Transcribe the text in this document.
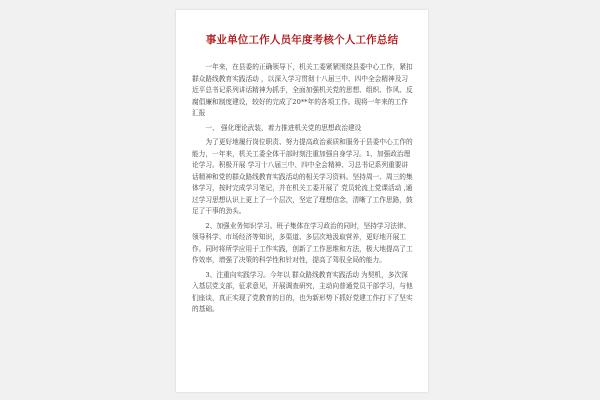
事业单位工作人员年度考核个人工作总结

一年来，在县委的正确领导下，机关工委紧紧围绕县委中心工作，紧扣 群众路线教育实践活动 ，以深入学习贯彻十八届三中、四中全会精神及习近平总书记系列讲话精神为抓手，全面加强机关党的思想、组织、作风、反腐倡廉和制度建设，较好的完成了20**年的各项工作。现将一年来的工作汇报

一、 强化理论武装，着力推进机关党的思想政治建设

为了更好地履行岗位职责、努力提高政治素质和服务于县委中心工作的能力，一年来，机关工委全体干部时刻注重加强自身学习。1、加强政治理论学习。积极开展 学习十八届三中、四中全会精神、习总书记系列重要讲话精神和党的群众路线教育实践活动的相关学习资料。坚持周一、周三的集体学习，按时完成学习笔记，并在机关工委开展了 党员轮流上党课活动 ,通过学习思想认识上更上了一个层次，坚定了理想信念，清晰了工作思路，鼓足了干事的劲头。

2、加强业务知识学习。班子集体在学习政治的同时，坚持学习法律、领导科学、市场经济等知识，多渠道、多层次地汲取营养，更好地开展工作。同时将所学应用于工作实践，创新了工作思维和方法，极大地提高了工作效率，增强了决策的科学性和针对性，提高了驾驭全局的能力。

3、注重向实践学习。今年以 群众路线教育实践活动 为契机，多次深入基层党支部，征求意见，开展调查研究，主动向普通党员干部学习，与他们座谈，真正实现了党教育的目的，也为新形势下抓好党建工作打下了坚实的基础。
